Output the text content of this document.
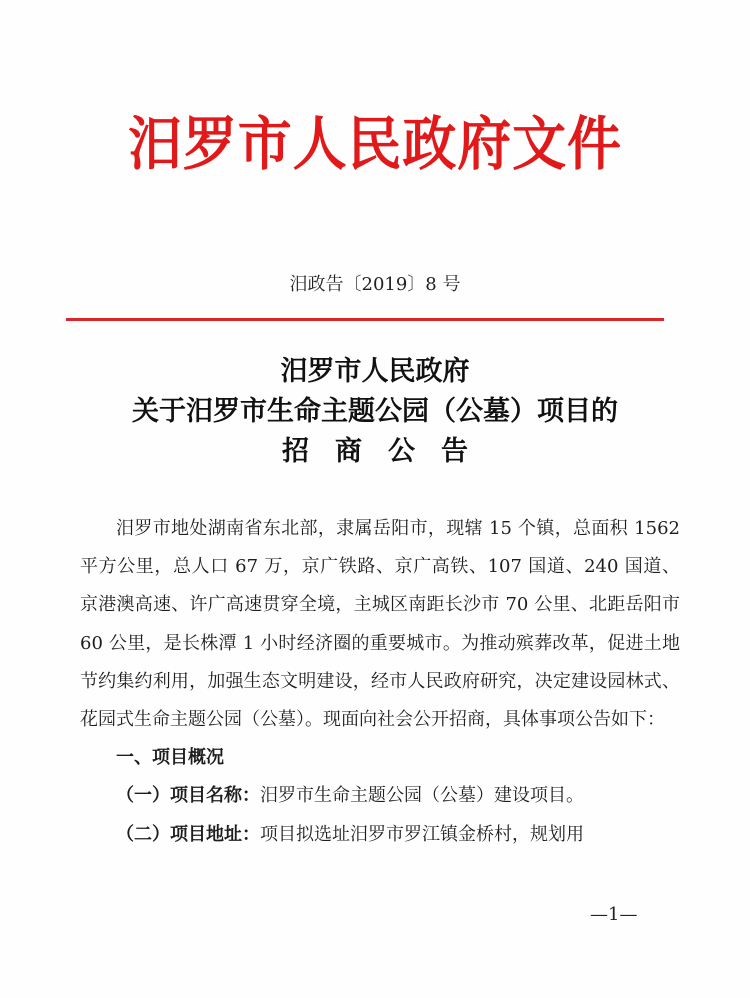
汨罗市人民政府文件
汨政告〔2019〕8 号
汨罗市人民政府
关于汨罗市生命主题公园（公墓）项目的
招商公告
汨罗市地处湖南省东北部，隶属岳阳市，现辖 15 个镇，总面积 1562 平方公里，总人口 67 万，京广铁路、京广高铁、107 国道、240 国道、京港澳高速、许广高速贯穿全境，主城区南距长沙市 70 公里、北距岳阳市 60 公里，是长株潭 1 小时经济圈的重要城市。为推动殡葬改革，促进土地节约集约利用，加强生态文明建设，经市人民政府研究，决定建设园林式、花园式生命主题公园（公墓）。现面向社会公开招商，具体事项公告如下：
一、项目概况
（一）项目名称：汨罗市生命主题公园（公墓）建设项目。
（二）项目地址：项目拟选址汨罗市罗江镇金桥村，规划用
—1—
